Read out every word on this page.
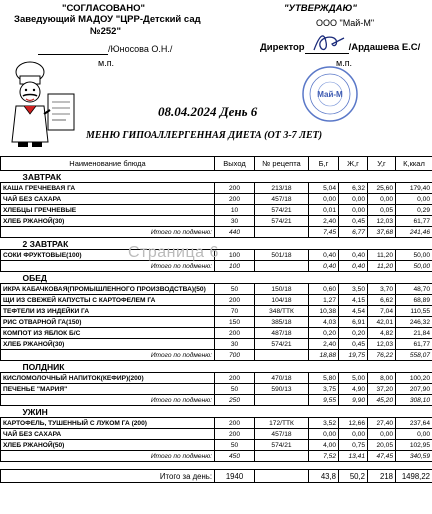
"СОГЛАСОВАНО"
Заведующий МАДОУ "ЦРР-Детский сад
№252"
/Юносова О.Н./
м.п.
"УТВЕРЖДАЮ"
ООО "Май-М"
Директор	/Ардашева Е.С/
м.п.
Май-М
08.04.2024 День 6
МЕНЮ ГИПОАЛЛЕРГЕННАЯ ДИЕТА (ОТ 3-7 ЛЕТ)
Наименование блюда	Выход	№ рецепта	Б,г	Ж,г	У,г	К,ккал
ЗАВТРАК						
КАША ГРЕЧНЕВАЯ ГА	200	213/18	5,04	6,32	25,60	179,40
ЧАЙ БЕЗ САХАРА	200	457/18	0,00	0,00	0,00	0,00
ХЛЕБЦЫ ГРЕЧНЕВЫЕ	10	574/21	0,01	0,00	0,05	0,29
ХЛЕБ РЖАНОЙ(30)	30	574/21	2,40	0,45	12,03	61,77
Итого по подменю:	440		7,45	6,77	37,68	241,46
2 ЗАВТРАК						
СОКИ ФРУКТОВЫЕ(100)	100	501/18	0,40	0,40	11,20	50,00
Итого по подменю:	100		0,40	0,40	11,20	50,00
ОБЕД						
ИКРА КАБАЧКОВАЯ(ПРОМЫШЛЕННОГО ПРОИЗВОДСТВА)(50)	50	150/18	0,60	3,50	3,70	48,70
ЩИ ИЗ СВЕЖЕЙ КАПУСТЫ С КАРТОФЕЛЕМ ГА	200	104/18	1,27	4,15	6,62	68,89
ТЕФТЕЛИ ИЗ ИНДЕЙКИ ГА	70	348/ТТК	10,38	4,54	7,04	110,55
РИС ОТВАРНОЙ ГА(150)	150	385/18	4,03	6,91	42,01	246,32
КОМПОТ ИЗ ЯБЛОК Б/С	200	487/18	0,20	0,20	4,82	21,84
ХЛЕБ РЖАНОЙ(30)	30	574/21	2,40	0,45	12,03	61,77
Итого по подменю:	700		18,88	19,75	76,22	558,07
ПОЛДНИК						
КИСЛОМОЛОЧНЫЙ НАПИТОК(КЕФИР)(200)	200	470/18	5,80	5,00	8,00	100,20
ПЕЧЕНЬЕ "МАРИЯ"	50	590/13	3,75	4,90	37,20	207,90
Итого по подменю:	250		9,55	9,90	45,20	308,10
УЖИН						
КАРТОФЕЛЬ, ТУШЕННЫЙ С ЛУКОМ ГА (200)	200	172/ТТК	3,52	12,66	27,40	237,64
ЧАЙ БЕЗ САХАРА	200	457/18	0,00	0,00	0,00	0,00
ХЛЕБ РЖАНОЙ(50)	50	574/21	4,00	0,75	20,05	102,95
Итого по подменю:	450		7,52	13,41	47,45	340,59

Итого за день:	1940		43,8	50,2	218	1498,22
Страница 6
